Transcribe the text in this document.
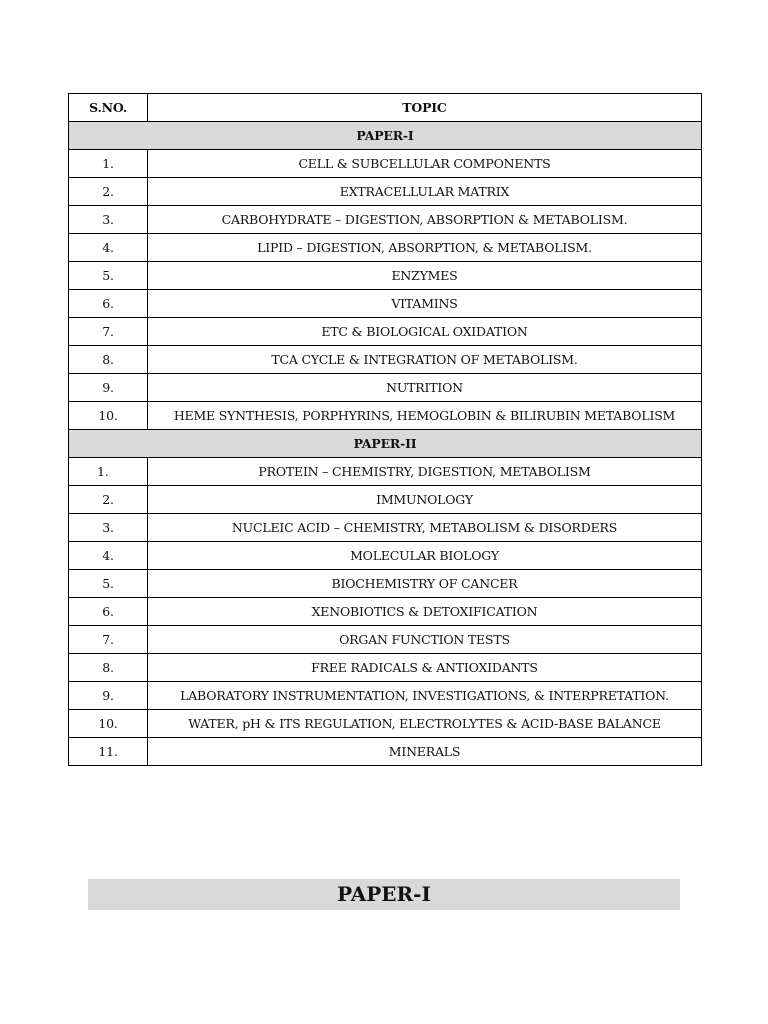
S.NO.	TOPIC
PAPER-I	
1.	CELL & SUBCELLULAR COMPONENTS
2.	EXTRACELLULAR MATRIX
3.	CARBOHYDRATE – DIGESTION, ABSORPTION & METABOLISM.
4.	LIPID – DIGESTION, ABSORPTION, & METABOLISM.
5.	ENZYMES
6.	VITAMINS
7.	ETC & BIOLOGICAL OXIDATION
8.	TCA CYCLE & INTEGRATION OF METABOLISM.
9.	NUTRITION
10.	HEME SYNTHESIS, PORPHYRINS, HEMOGLOBIN & BILIRUBIN METABOLISM
PAPER-II	
1.	PROTEIN – CHEMISTRY, DIGESTION, METABOLISM
2.	IMMUNOLOGY
3.	NUCLEIC ACID – CHEMISTRY, METABOLISM & DISORDERS
4.	MOLECULAR BIOLOGY
5.	BIOCHEMISTRY OF CANCER
6.	XENOBIOTICS & DETOXIFICATION
7.	ORGAN FUNCTION TESTS
8.	FREE RADICALS & ANTIOXIDANTS
9.	LABORATORY INSTRUMENTATION, INVESTIGATIONS, & INTERPRETATION.
10.	WATER, pH & ITS REGULATION, ELECTROLYTES & ACID-BASE BALANCE
11.	MINERALS
PAPER-I
